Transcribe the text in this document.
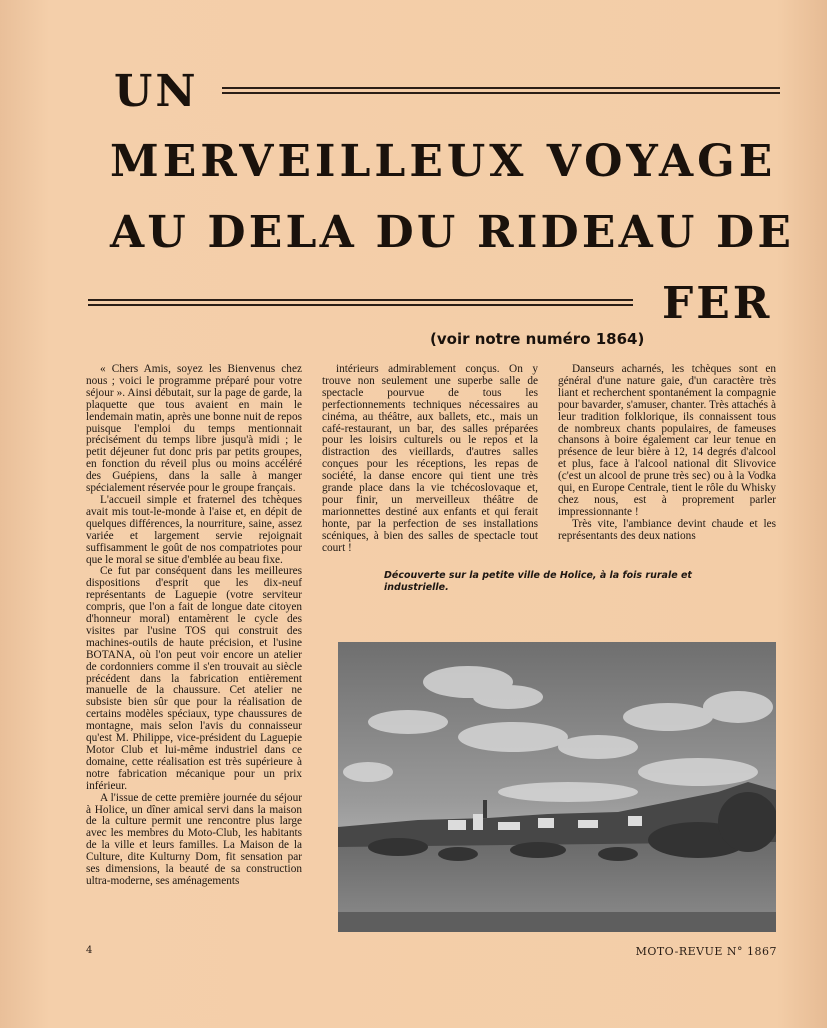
UN
MERVEILLEUX VOYAGE
AU DELA DU RIDEAU DE
FER
(voir notre numéro 1864)

« Chers Amis, soyez les Bienvenus chez nous ; voici le programme préparé pour votre séjour ». Ainsi débutait, sur la page de garde, la plaquette que tous avaient en main le lendemain matin, après une bonne nuit de repos puisque l'emploi du temps mentionnait précisément du temps libre jusqu'à midi ; le petit déjeuner fut donc pris par petits groupes, en fonction du réveil plus ou moins accéléré des Guépiens, dans la salle à manger spécialement réservée pour le groupe français.

L'accueil simple et fraternel des tchèques avait mis tout-le-monde à l'aise et, en dépit de quelques différences, la nourriture, saine, assez variée et largement servie rejoignait suffisamment le goût de nos compatriotes pour que le moral se situe d'emblée au beau fixe.

Ce fut par conséquent dans les meilleures dispositions d'esprit que les dix-neuf représentants de Laguepie (votre serviteur compris, que l'on a fait de longue date citoyen d'honneur moral) entamèrent le cycle des visites par l'usine TOS qui construit des machines-outils de haute précision, et l'usine BOTANA, où l'on peut voir encore un atelier de cordonniers comme il s'en trouvait au siècle précédent dans la fabrication entièrement manuelle de la chaussure. Cet atelier ne subsiste bien sûr que pour la réalisation de certains modèles spéciaux, type chaussures de montagne, mais selon l'avis du connaisseur qu'est M. Philippe, vice-président du Laguepie Motor Club et lui-même industriel dans ce domaine, cette réalisation est très supérieure à notre fabrication mécanique pour un prix inférieur.

A l'issue de cette première journée du séjour à Holice, un dîner amical servi dans la maison de la culture permit une rencontre plus large avec les membres du Moto-Club, les habitants de la ville et leurs familles. La Maison de la Culture, dite Kulturny Dom, fit sensation par ses dimensions, la beauté de sa construction ultra-moderne, ses aménagements

intérieurs admirablement conçus. On y trouve non seulement une superbe salle de spectacle pourvue de tous les perfectionnements techniques nécessaires au cinéma, au théâtre, aux ballets, etc., mais un café-restaurant, un bar, des salles préparées pour les loisirs culturels ou le repos et la distraction des vieillards, d'autres salles conçues pour les réceptions, les repas de société, la danse encore qui tient une très grande place dans la vie tchécoslovaque et, pour finir, un merveilleux théâtre de marionnettes destiné aux enfants et qui ferait honte, par la perfection de ses installations scéniques, à bien des salles de spectacle tout court !

Danseurs acharnés, les tchèques sont en général d'une nature gaie, d'un caractère très liant et recherchent spontanément la compagnie pour bavarder, s'amuser, chanter. Très attachés à leur tradition folklorique, ils connaissent tous de nombreux chants populaires, de fameuses chansons à boire également car leur tenue en présence de leur bière à 12, 14 degrés d'alcool et plus, face à l'alcool national dit Slivovice (c'est un alcool de prune très sec) ou à la Vodka qui, en Europe Centrale, tient le rôle du Whisky chez nous, est à proprement parler impressionnante !

Très vite, l'ambiance devint chaude et les représentants des deux nations

Découverte sur la petite ville de Holice, à la fois rurale et industrielle.
4	MOTO-REVUE N° 1867
